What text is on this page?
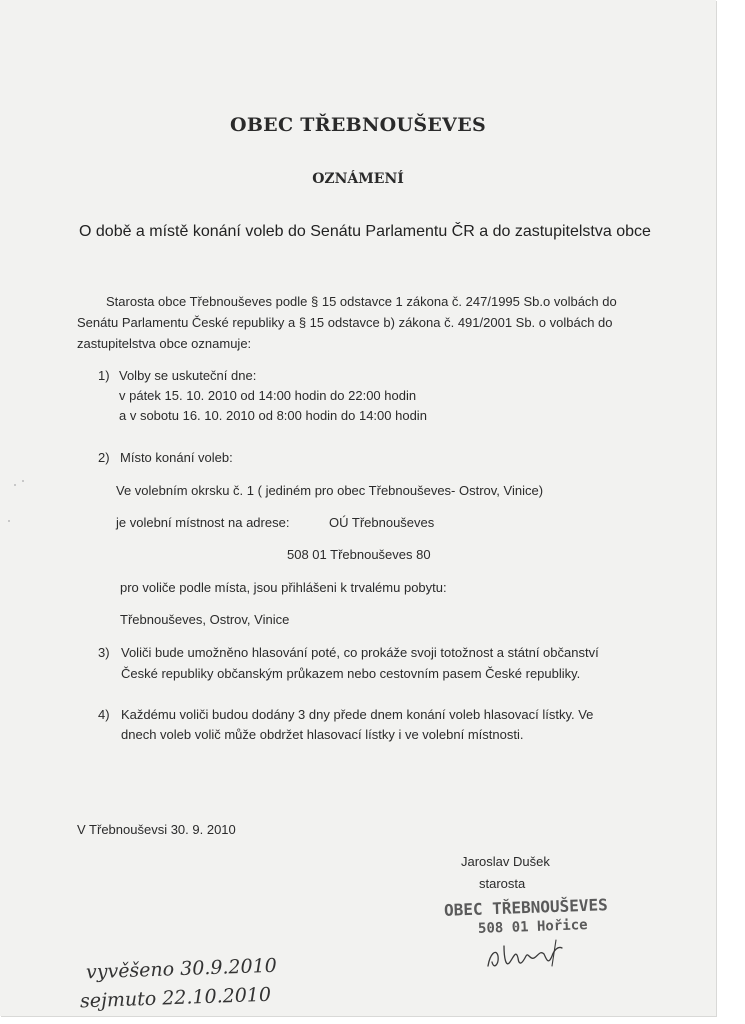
OBEC TŘEBNOUŠEVES
OZNÁMENÍ
O době a místě konání voleb do Senátu Parlamentu ČR a do zastupitelstva obce
Starosta obce Třebnouševes podle § 15 odstavce 1 zákona č. 247/1995 Sb.o volbách do
Senátu Parlamentu České republiky a § 15 odstavce b) zákona č. 491/2001 Sb. o volbách do
zastupitelstva obce oznamuje:
1) Volby se uskuteční dne:
v pátek 15. 10. 2010 od 14:00 hodin do 22:00 hodin
a v sobotu 16. 10. 2010 od 8:00 hodin do 14:00 hodin
2) Místo konání voleb:
Ve volebním okrsku č. 1 ( jediném pro obec Třebnouševes- Ostrov, Vinice)
je volební místnost na adrese:	OÚ Třebnouševes
508 01 Třebnouševes 80
pro voliče podle místa, jsou přihlášeni k trvalému pobytu:
Třebnouševes, Ostrov, Vinice
3) Voliči bude umožněno hlasování poté, co prokáže svoji totožnost a státní občanství
České republiky občanským průkazem nebo cestovním pasem České republiky.
4) Každému voliči budou dodány 3 dny přede dnem konání voleb hlasovací lístky. Ve
dnech voleb volič může obdržet hlasovací lístky i ve volební místnosti.
V Třebnouševsi 30. 9. 2010
Jaroslav Dušek
starosta
OBEC TŘEBNOUŠEVES
508 01 Hořice
vyvěšeno 30.9.2010
sejmuto 22.10.2010
